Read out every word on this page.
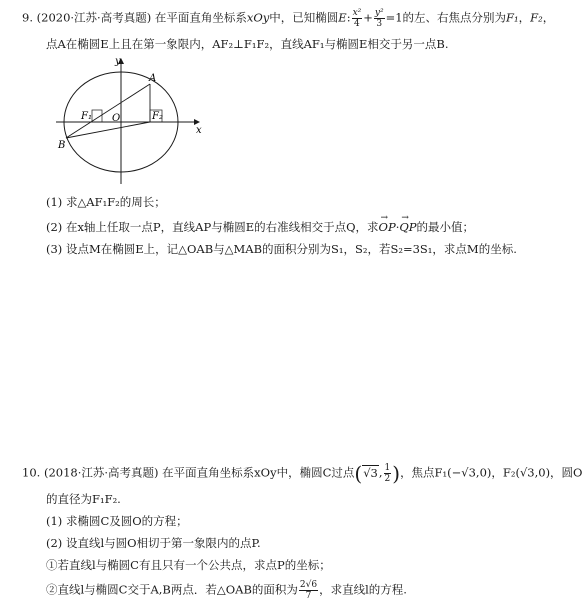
9. (2020·江苏·高考真题) 在平面直角坐标系xOy中，已知椭圆E: $\frac{\text{x²}}{4} + \frac{\text{y²}}{3} =1$的左、右焦点分别为F₁，F₂，
点A在椭圆E上且在第一象限内，AF₂⊥F₁F₂，直线AF₁与椭圆E相交于另一点B.
y
x
A
B
O
F₁	F₂
(1) 求△AF₁F₂的周长；
(2) 在x轴上任取一点P，直线AP与椭圆E的右准线相交于点Q，求→ OP·→ QP的最小值；
(3) 设点M在椭圆E上，记△OAB与△MAB的面积分别为S₁，S₂，若S₂=3S₁，求点M的坐标.
10. (2018·江苏·高考真题) 在平面直角坐标系xOy中，椭圆C过点(√3, $\frac{1}{2}$ )，焦点F₁(−√3,0)，F₂(√3,0)，圆O
的直径为F₁F₂.
(1) 求椭圆C及圆O的方程；
(2) 设直线l与圆O相切于第一象限内的点P.
①若直线l与椭圆C有且只有一个公共点，求点P的坐标；
②直线l与椭圆C交于A,B两点．若△OAB的面积为 $\frac{2√6}{7}$ ，求直线l的方程.
